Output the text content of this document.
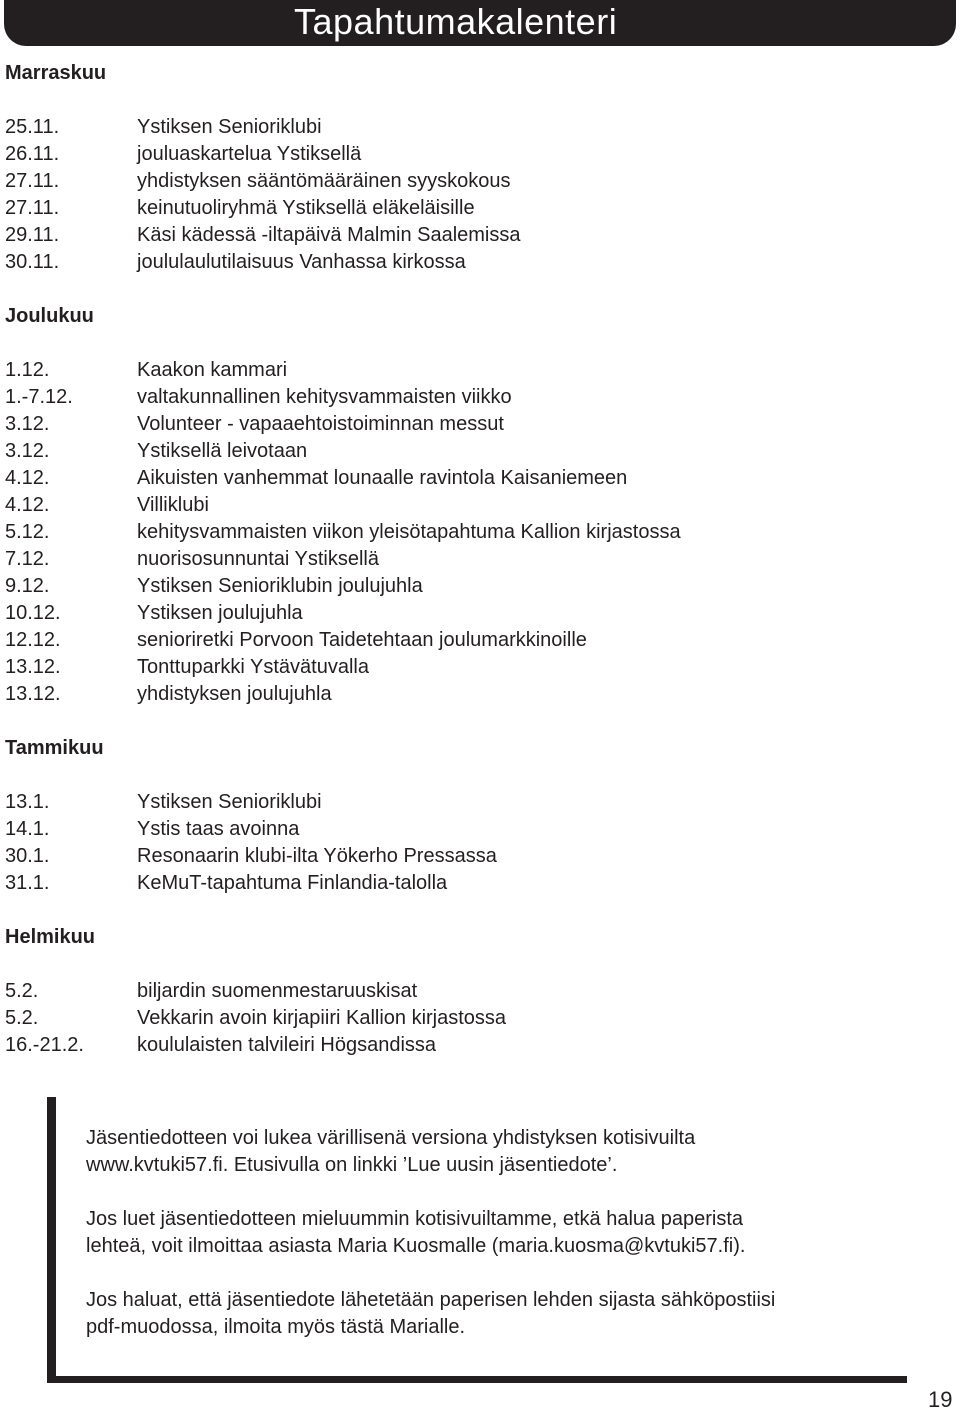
Tapahtumakalenteri
Marraskuu
25.11.	Ystiksen Senioriklubi
26.11.	jouluaskartelua Ystiksellä
27.11.	yhdistyksen sääntömääräinen syyskokous
27.11.	keinutuoliryhmä Ystiksellä eläkeläisille
29.11.	Käsi kädessä -iltapäivä Malmin Saalemissa
30.11.	joululaulutilaisuus Vanhassa kirkossa
Joulukuu
1.12.	Kaakon kammari
1.-7.12.	valtakunnallinen kehitysvammaisten viikko
3.12.	Volunteer - vapaaehtoistoiminnan messut
3.12.	Ystiksellä leivotaan
4.12.	Aikuisten vanhemmat lounaalle ravintola Kaisaniemeen
4.12.	Villiklubi
5.12.	kehitysvammaisten viikon yleisötapahtuma Kallion kirjastossa
7.12.	nuorisosunnuntai Ystiksellä
9.12.	Ystiksen Senioriklubin joulujuhla
10.12.	Ystiksen joulujuhla
12.12.	senioriretki Porvoon Taidetehtaan joulumarkkinoille
13.12.	Tonttuparkki Ystävätuvalla
13.12.	yhdistyksen joulujuhla
Tammikuu
13.1.	Ystiksen Senioriklubi
14.1.	Ystis taas avoinna
30.1.	Resonaarin klubi-ilta Yökerho Pressassa
31.1.	KeMuT-tapahtuma Finlandia-talolla
Helmikuu
5.2.	biljardin suomenmestaruuskisat
5.2.	Vekkarin avoin kirjapiiri Kallion kirjastossa
16.-21.2.	koululaisten talvileiri Högsandissa

Jäsentiedotteen voi lukea värillisenä versiona yhdistyksen kotisivuilta
www.kvtuki57.fi. Etusivulla on linkki ’Lue uusin jäsentiedote’.

Jos luet jäsentiedotteen mieluummin kotisivuiltamme, etkä halua paperista
lehteä, voit ilmoittaa asiasta Maria Kuosmalle (maria.kuosma@kvtuki57.fi).

Jos haluat, että jäsentiedote lähetetään paperisen lehden sijasta sähköpostiisi
pdf-muodossa, ilmoita myös tästä Marialle.

19
